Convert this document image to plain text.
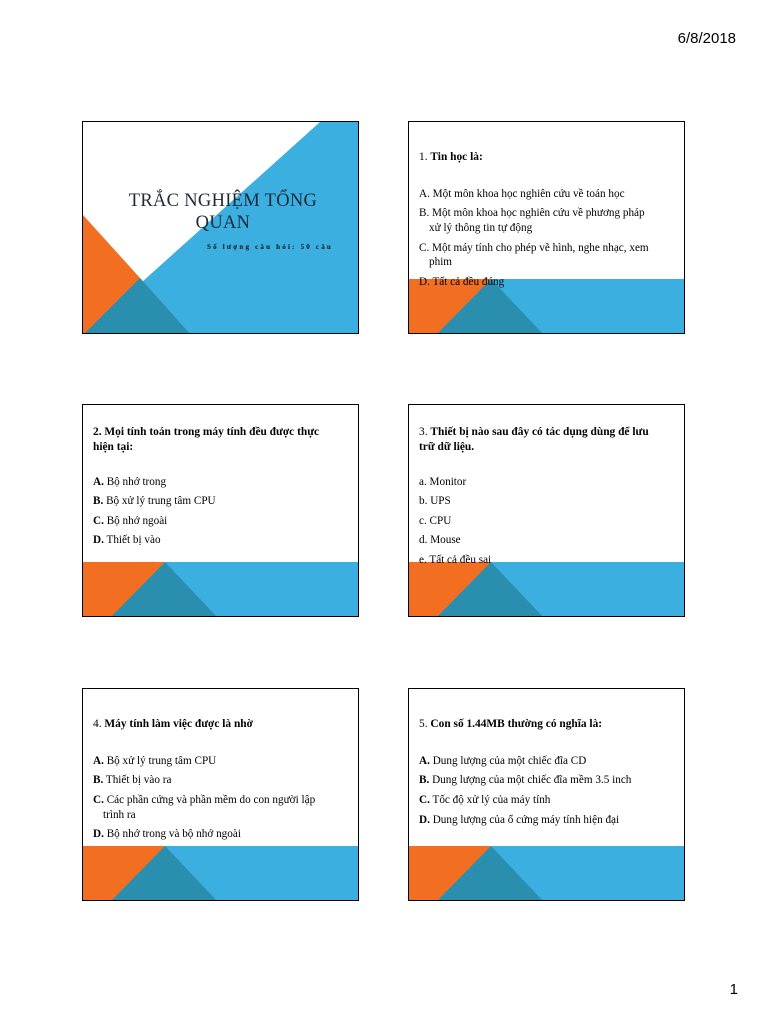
6/8/2018
TRẮC NGHIỆM TỔNG
QUAN
Số lượng câu hỏi: 50 câu

1. Tin học là:

A. Một môn khoa học nghiên cứu về toán học

B. Một môn khoa học nghiên cứu về phương pháp
xử lý thông tin tự động

C. Một máy tính cho phép vẽ hình, nghe nhạc, xem
phim

D. Tất cả đều đúng

2. Mọi tính toán trong máy tính đều được thực
hiện tại:

A. Bộ nhớ trong

B. Bộ xử lý trung tâm CPU

C. Bộ nhớ ngoài

D. Thiết bị vào

3. Thiết bị nào sau đây có tác dụng dùng để lưu
trữ dữ liệu.

a. Monitor

b. UPS

c. CPU

d. Mouse

e. Tất cả đều sai

4. Máy tính làm việc được là nhờ

A. Bộ xử lý trung tâm CPU

B. Thiết bị vào ra

C. Các phần cứng và phần mềm do con người lập
trình ra

D. Bộ nhớ trong và bộ nhớ ngoài

5. Con số 1.44MB thường có nghĩa là:

A. Dung lượng của một chiếc đĩa CD

B. Dung lượng của một chiếc đĩa mềm 3.5 inch

C. Tốc độ xử lý của máy tính

D. Dung lượng của ổ cứng máy tính hiện đại

1
